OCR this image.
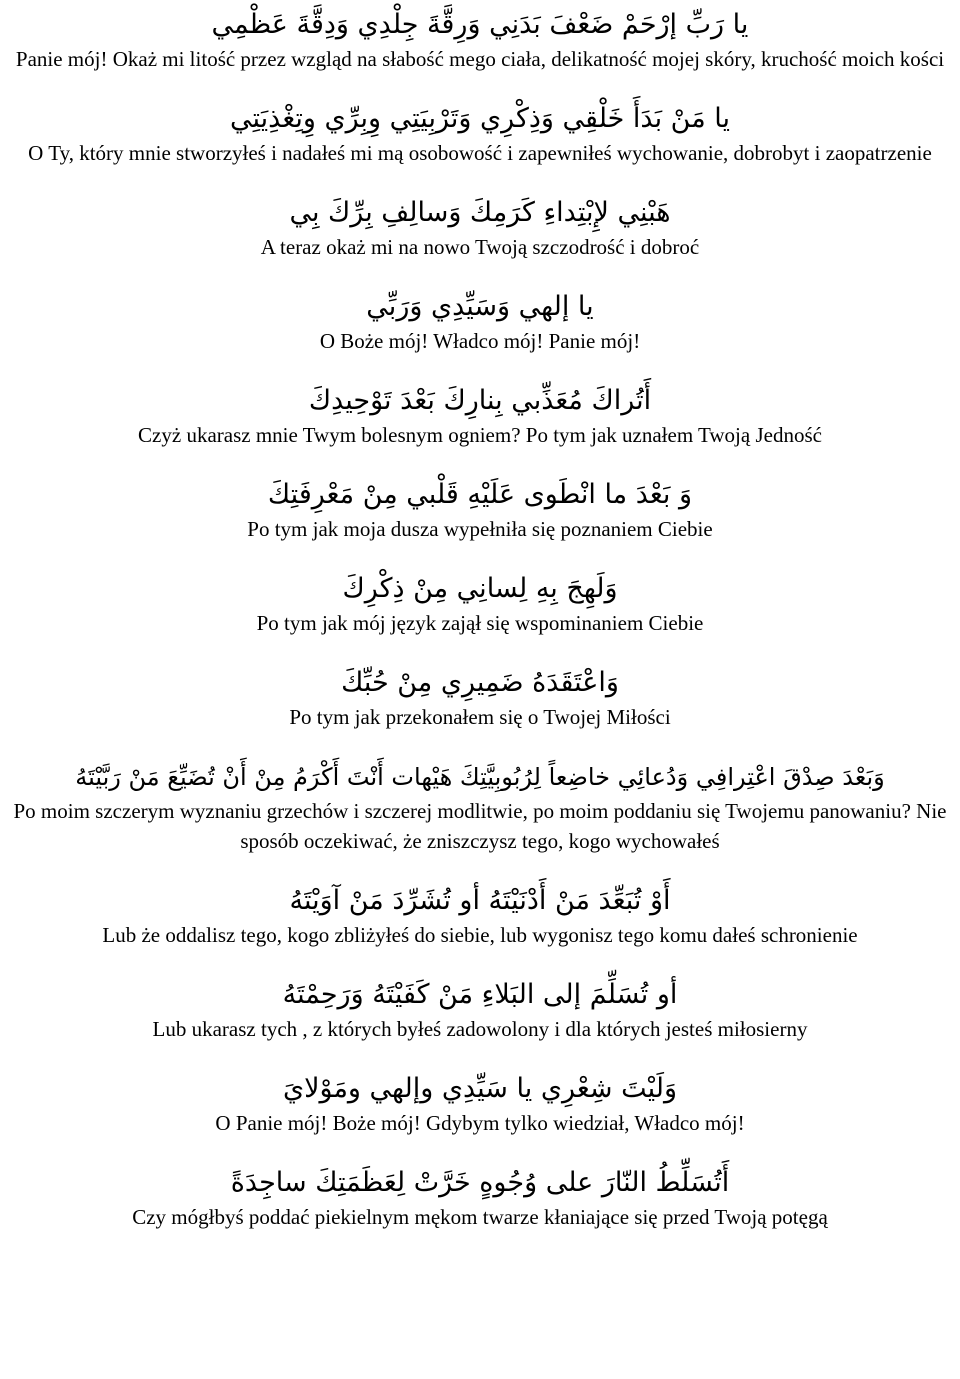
يا رَبِّ إرْحَمْ ضَعْفَ بَدَنِي وَرِقَّةَ جِلْدِي وَدِقَّةَ عَظْمِي
Panie mój! Okaż mi litość przez wzgląd na słabość mego ciała, delikatność mojej skóry, kruchość moich kości
يا مَنْ بَدَأَ خَلْقِي وَذِكْرِي وَتَرْبِيَتِي وِبِرِّي وِتِغْذِيَتِي
O Ty, który mnie stworzyłeś i nadałeś mi mą osobowość i zapewniłeś wychowanie, dobrobyt i zaopatrzenie
هَبْنِي لإِبْتِداءِ كَرَمِكَ وَسالِفِ بِرِّكَ بِي
A teraz okaż mi na nowo Twoją szczodrość i dobroć
يا إلهي وَسَيِّدِي وَرَبِّي
O Boże mój! Władco mój! Panie mój!
أَتُراكَ مُعَذِّبي بِنارِكَ بَعْدَ تَوْحِيدِكَ
Czyż ukarasz mnie Twym bolesnym ogniem? Po tym jak uznałem Twoją Jedność
وَ بَعْدَ ما انْطَوى عَلَيْهِ قَلْبي مِنْ مَعْرِفَتِكَ
Po tym jak moja dusza wypełniła się poznaniem Ciebie
وَلَهِجَ بِهِ لِسانِي مِنْ ذِكْرِكَ
Po tym jak mój język zajął się wspominaniem Ciebie
وَاعْتَقَدَهُ ضَمِيرِي مِنْ حُبِّكَ
Po tym jak przekonałem się o Twojej Miłości
وَبَعْدَ صِدْقَ اعْتِرافِي وَدُعائِي خاضِعاً لِرُبُوبِيَّتِكَ هَيْهات أَنْتَ أَكْرَمُ مِنْ أَنْ تُضَيِّعَ مَنْ رَبَّيْتَهُ
Po moim szczerym wyznaniu grzechów i szczerej modlitwie, po moim poddaniu się Twojemu panowaniu? Nie sposób oczekiwać, że zniszczysz tego, kogo wychowałeś
أَوْ تُبَعِّدَ مَنْ أَدْنَيْتَهُ أو تُشَرِّدَ مَنْ آوَيْتَهُ
Lub że oddalisz tego, kogo zbliżyłeś do siebie, lub wygonisz tego komu dałeś schronienie
أو تُسَلِّمَ إلى البَلاءِ مَنْ كَفَيْتَهُ وَرَحِمْتَهُ
Lub ukarasz tych , z których byłeś zadowolony i dla których jesteś miłosierny
وَلَيْتَ شِعْرِي يا سَيِّدِي وإلهي ومَوْلايَ
O Panie mój! Boże mój! Gdybym tylko wiedział, Władco mój!
أَتُسَلِّطُ النّارَ على وُجُوهٍ خَرَّتْ لِعَظَمَتِكَ ساجِدَةً
Czy mógłbyś poddać piekielnym mękom twarze kłaniające się przed Twoją potęgą
